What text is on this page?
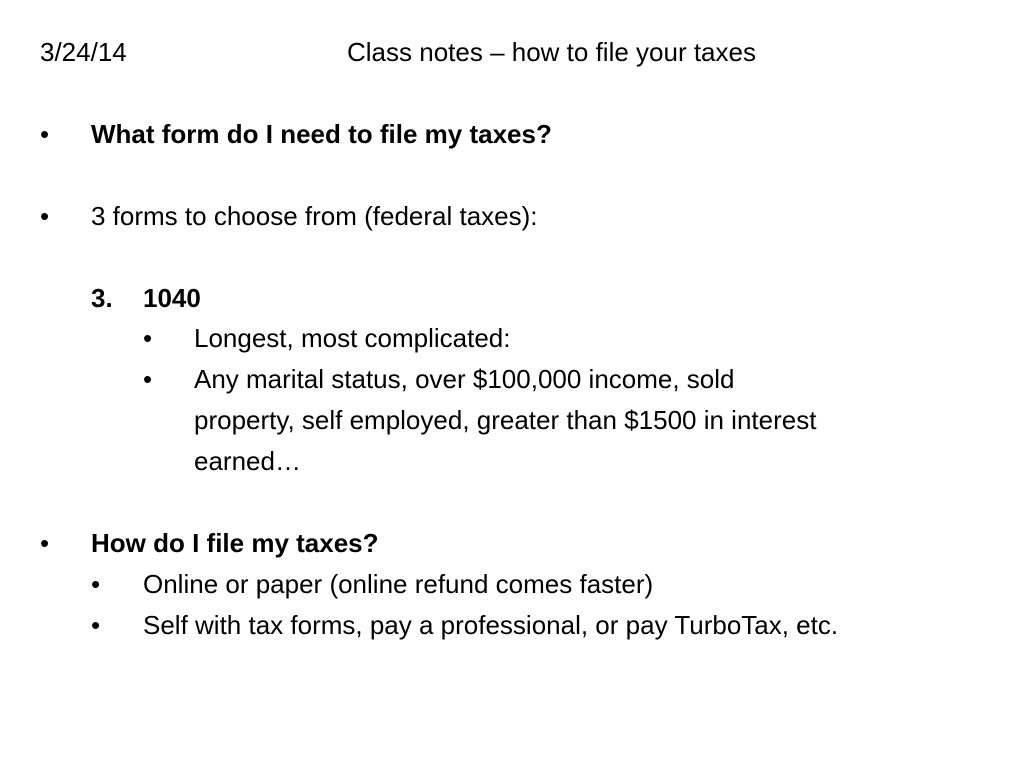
3/24/14	Class notes – how to file your taxes
• What form do I need to file my taxes?
• 3 forms to choose from (federal taxes):
3. 1040
• Longest, most complicated:
• Any marital status, over $100,000 income, sold
property, self employed, greater than $1500 in interest
earned…
• How do I file my taxes?
• Online or paper (online refund comes faster)
• Self with tax forms, pay a professional, or pay TurboTax, etc.
